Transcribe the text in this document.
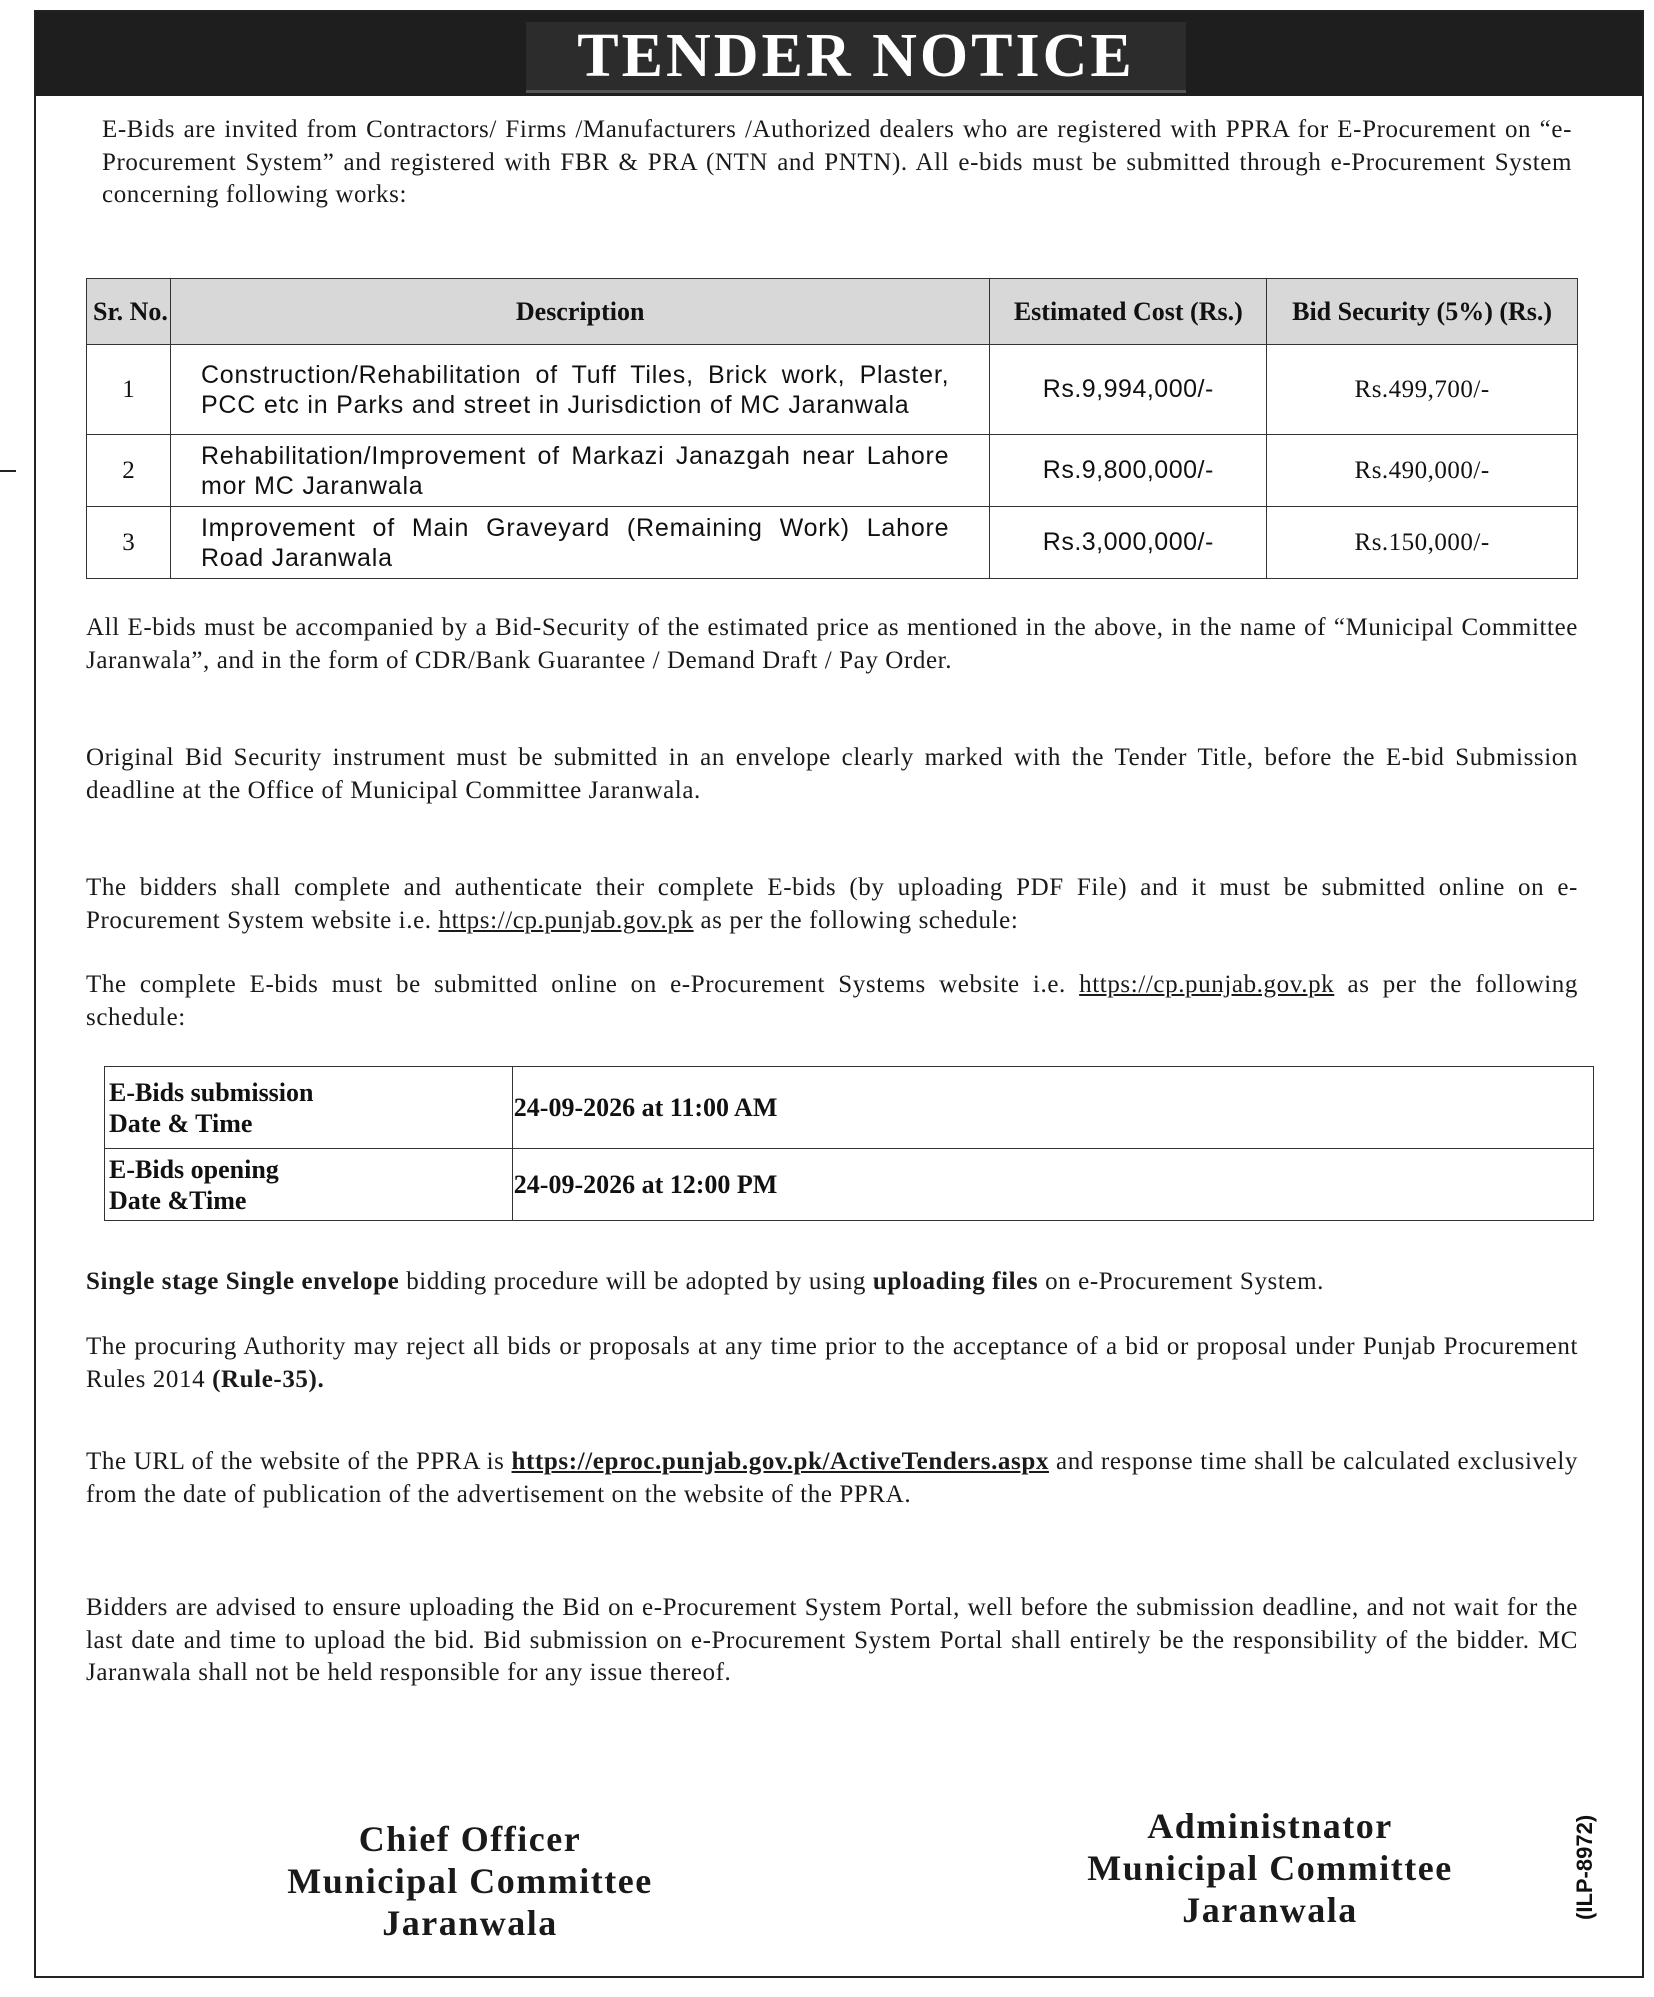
TENDER NOTICE
E-Bids are invited from Contractors/ Firms /Manufacturers /Authorized dealers who are registered with PPRA for E-Procurement on “e-Procurement System” and registered with FBR & PRA (NTN and PNTN). All e-bids must be submitted through e-Procurement System concerning following works:
Sr. No.	Description	Estimated Cost (Rs.)	Bid Security (5%) (Rs.)
1	Construction/Rehabilitation of Tuff Tiles, Brick work, Plaster, PCC etc in Parks and street in Jurisdiction of MC Jaranwala	Rs.9,994,000/-	Rs.499,700/-
2	Rehabilitation/Improvement of Markazi Janazgah near Lahore mor MC Jaranwala	Rs.9,800,000/-	Rs.490,000/-
3	Improvement of Main Graveyard (Remaining Work) Lahore Road Jaranwala	Rs.3,000,000/-	Rs.150,000/-
All E-bids must be accompanied by a Bid-Security of the estimated price as mentioned in the above, in the name of “Municipal Committee Jaranwala”, and in the form of CDR/Bank Guarantee / Demand Draft / Pay Order.
Original Bid Security instrument must be submitted in an envelope clearly marked with the Tender Title, before the E-bid Submission deadline at the Office of Municipal Committee Jaranwala.
The bidders shall complete and authenticate their complete E-bids (by uploading PDF File) and it must be submitted online on e-Procurement System website i.e. https://cp.punjab.gov.pk as per the following schedule:
The complete E-bids must be submitted online on e-Procurement Systems website i.e. https://cp.punjab.gov.pk as per the following schedule:
E-Bids submission
Date & Time	24-09-2026 at 11:00 AM

E-Bids opening
Date &Time	24-09-2026 at 12:00 PM
Single stage Single envelope bidding procedure will be adopted by using uploading files on e-Procurement System.
The procuring Authority may reject all bids or proposals at any time prior to the acceptance of a bid or proposal under Punjab Procurement Rules 2014 (Rule-35).
The URL of the website of the PPRA is https://eproc.punjab.gov.pk/ActiveTenders.aspx and response time shall be calculated exclusively from the date of publication of the advertisement on the website of the PPRA.
Bidders are advised to ensure uploading the Bid on e-Procurement System Portal, well before the submission deadline, and not wait for the last date and time to upload the bid. Bid submission on e-Procurement System Portal shall entirely be the responsibility of the bidder. MC Jaranwala shall not be held responsible for any issue thereof.
Chief Officer
Municipal Committee
Jaranwala
Administnator
Municipal Committee
Jaranwala	(ILP-8972)
